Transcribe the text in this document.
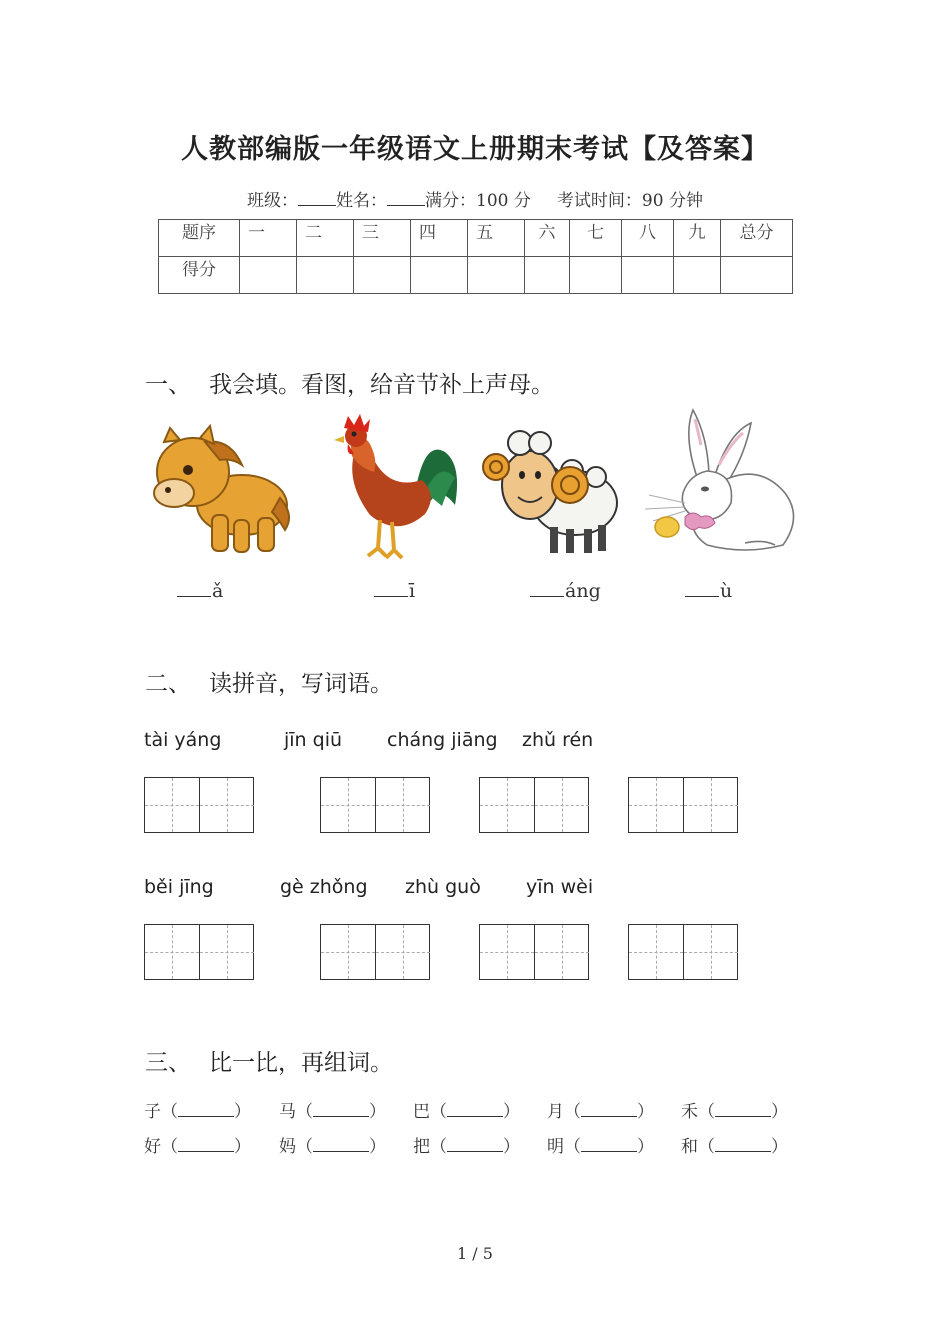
人教部编版一年级语文上册期末考试【及答案】
班级： 姓名： 满分：100 分 考试时间：90 分钟
题序	一	二	三	四	五	六	七	八	九	总分
得分										
一、 我会填。看图，给音节补上声母。
ǎ	ī	áng	ù
二、 读拼音，写词语。
tài yáng	jīn qiū cháng jiāng zhǔ rén
běi jīng	gè zhǒng zhù guò yīn wèi
三、 比一比，再组词。
子（	） 马（	） 巴（	） 月（	） 禾（	）
好（	） 妈（	） 把（	） 明（	） 和（	）
1 / 5
